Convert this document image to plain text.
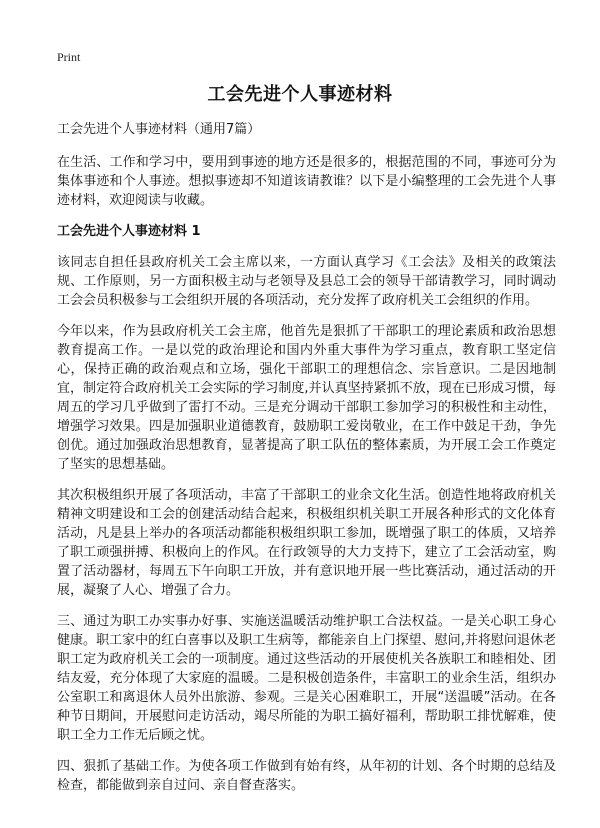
Print
工会先进个人事迹材料

工会先进个人事迹材料（通用7篇）

在生活、工作和学习中，要用到事迹的地方还是很多的，根据范围的不同，事迹可分为集体事迹和个人事迹。想拟事迹却不知道该请教谁？以下是小编整理的工会先进个人事迹材料，欢迎阅读与收藏。

工会先进个人事迹材料 1

该同志自担任县政府机关工会主席以来，一方面认真学习《工会法》及相关的政策法规、工作原则，另一方面积极主动与老领导及县总工会的领导干部请教学习，同时调动工会会员积极参与工会组织开展的各项活动，充分发挥了政府机关工会组织的作用。

今年以来，作为县政府机关工会主席，他首先是狠抓了干部职工的理论素质和政治思想教育提高工作。一是以党的政治理论和国内外重大事件为学习重点，教育职工坚定信心，保持正确的政治观点和立场，强化干部职工的理想信念、宗旨意识。二是因地制宜，制定符合政府机关工会实际的学习制度,并认真坚持紧抓不放，现在已形成习惯，每周五的学习几乎做到了雷打不动。三是充分调动干部职工参加学习的积极性和主动性，增强学习效果。四是加强职业道德教育，鼓励职工爱岗敬业，在工作中鼓足干劲，争先创优。通过加强政治思想教育，显著提高了职工队伍的整体素质，为开展工会工作奠定了坚实的思想基础。

其次积极组织开展了各项活动，丰富了干部职工的业余文化生活。创造性地将政府机关精神文明建设和工会的创建活动结合起来，积极组织机关职工开展各种形式的文化体育活动，凡是县上举办的各项活动都能积极组织职工参加，既增强了职工的体质，又培养了职工顽强拼搏、积极向上的作风。在行政领导的大力支持下，建立了工会活动室，购置了活动器材，每周五下午向职工开放，并有意识地开展一些比赛活动，通过活动的开展，凝聚了人心、增强了合力。

三、通过为职工办实事办好事、实施送温暖活动维护职工合法权益。一是关心职工身心健康。职工家中的红白喜事以及职工生病等，都能亲自上门探望、慰问,并将慰问退休老职工定为政府机关工会的一项制度。通过这些活动的开展使机关各族职工和睦相处、团结友爱，充分体现了大家庭的温暖。二是积极创造条件，丰富职工的业余生活，组织办公室职工和离退休人员外出旅游、参观。三是关心困难职工，开展“送温暖”活动。在各种节日期间，开展慰问走访活动，竭尽所能的为职工搞好福利，帮助职工排忧解难，使职工全力工作无后顾之忧。

四、狠抓了基础工作。为使各项工作做到有始有终，从年初的计划、各个时期的总结及检查，都能做到亲自过问、亲自督查落实。
